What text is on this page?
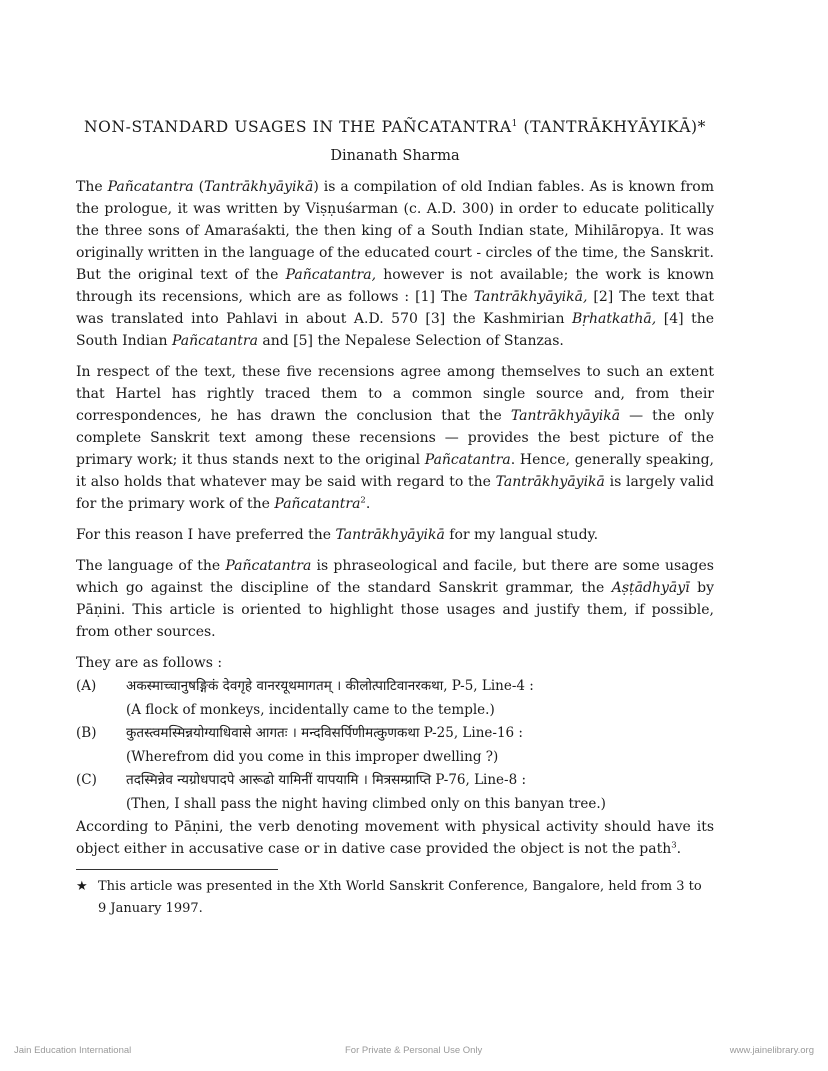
NON-STANDARD USAGES IN THE PAÑCATANTRA$^1$ (TANTRĀKHYĀYIKĀ)*
Dinanath Sharma

The Pañcatantra (Tantrākhyāyikā) is a compilation of old Indian fables. As is known from the prologue, it was written by Viṣṇuśarman (c. A.D. 300) in order to educate politically the three sons of Amaraśakti, the then king of a South Indian state, Mihilāropya. It was originally written in the language of the educated court - circles of the time, the Sanskrit. But the original text of the Pañcatantra, however is not available; the work is known through its recensions, which are as follows : [1] The Tantrākhyāyikā, [2] The text that was translated into Pahlavi in about A.D. 570 [3] the Kashmirian Bṛhatkathā, [4] the South Indian Pañcatantra and [5] the Nepalese Selection of Stanzas.

In respect of the text, these five recensions agree among themselves to such an extent that Hartel has rightly traced them to a common single source and, from their correspondences, he has drawn the conclusion that the Tantrākhyāyikā — the only complete Sanskrit text among these recensions — provides the best picture of the primary work; it thus stands next to the original Pañcatantra. Hence, generally speaking, it also holds that whatever may be said with regard to the Tantrākhyāyikā is largely valid for the primary work of the Pañcatantra$^2$.

For this reason I have preferred the Tantrākhyāyikā for my langual study.

The language of the Pañcatantra is phraseological and facile, but there are some usages which go against the discipline of the standard Sanskrit grammar, the Aṣṭādhyāyī by Pāṇini. This article is oriented to highlight those usages and justify them, if possible, from other sources.

They are as follows :
(A)	अकस्माच्चानुषङ्गिकं देवगृहे वानरयूथमागतम् । कीलोत्पाटिवानरकथा, P-5, Line-4 :
(A flock of monkeys, incidentally came to the temple.)
(B)	कुतस्त्वमस्मिन्नयोग्याधिवासे आगतः । मन्दविसर्पिणीमत्कुणकथा P-25, Line-16 :
(Wherefrom did you come in this improper dwelling ?)
(C)	तदस्मिन्नेव न्यग्रोधपादपे आरूढो यामिनीं यापयामि । मित्रसम्प्राप्ति P-76, Line-8 :
(Then, I shall pass the night having climbed only on this banyan tree.)

According to Pāṇini, the verb denoting movement with physical activity should have its object either in accusative case or in dative case provided the object is not the path$^3$.

★ This article was presented in the Xth World Sanskrit Conference, Bangalore, held from 3 to 9 January 1997.
Jain Education International	For Private & Personal Use Only	www.jainelibrary.org
